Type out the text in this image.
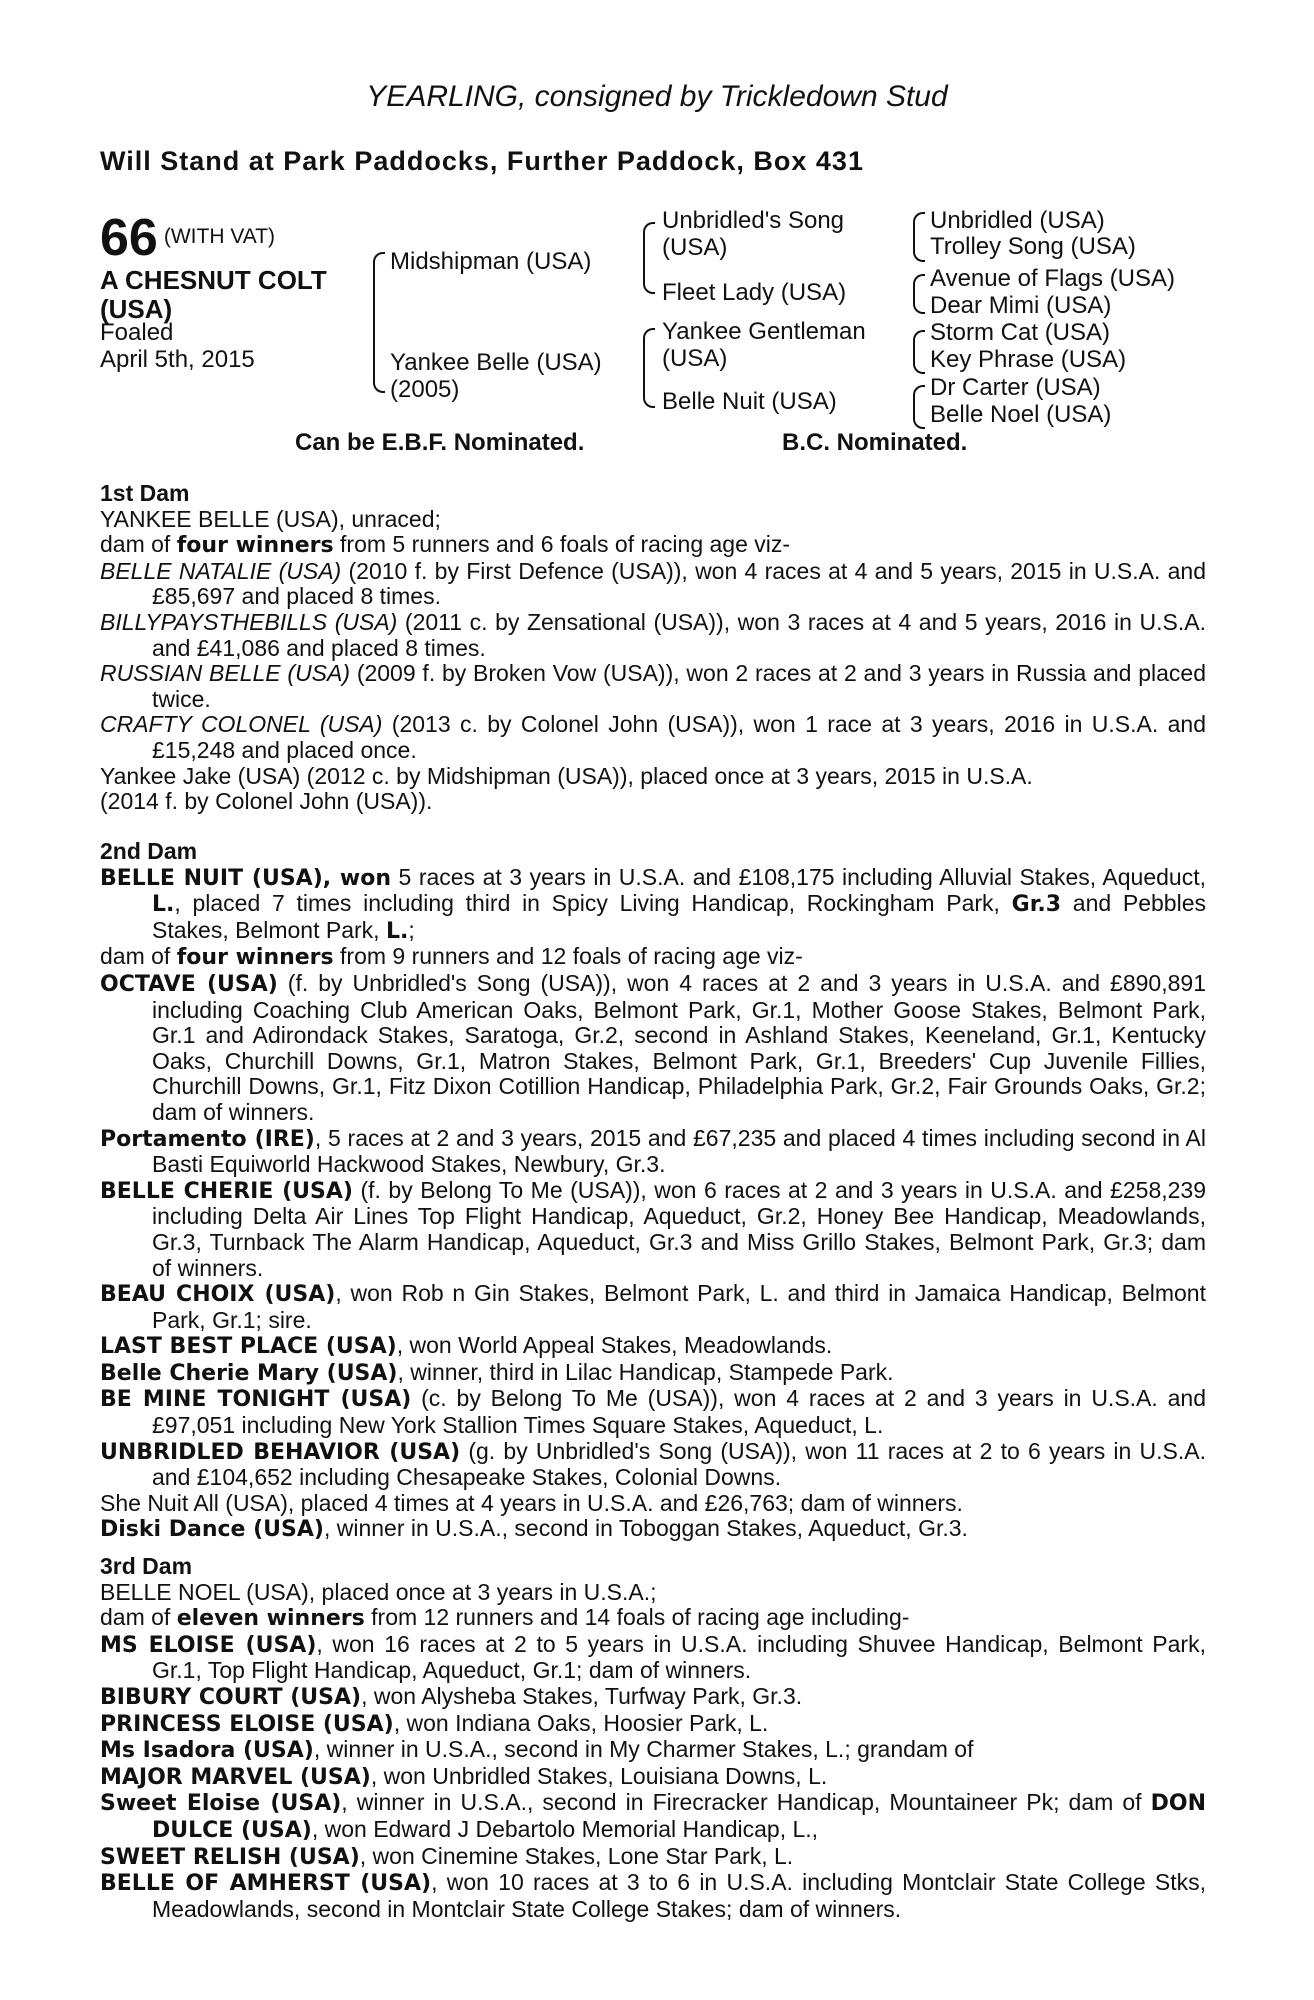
YEARLING, consigned by Trickledown Stud
Will Stand at Park Paddocks, Further Paddock, Box 431
66 (WITH VAT)
A CHESNUT COLT
(USA)
Foaled
April 5th, 2015
Midshipman (USA)
Yankee Belle (USA)
(2005)
Unbridled's Song
(USA)
Fleet Lady (USA)
Yankee Gentleman
(USA)
Belle Nuit (USA)
Unbridled (USA)
Trolley Song (USA)
Avenue of Flags (USA)
Dear Mimi (USA)
Storm Cat (USA)
Key Phrase (USA)
Dr Carter (USA)
Belle Noel (USA)
Can be E.B.F. Nominated.	B.C. Nominated.

1st Dam

YANKEE BELLE (USA), unraced;

dam of four winners from 5 runners and 6 foals of racing age viz-

BELLE NATALIE (USA) (2010 f. by First Defence (USA)), won 4 races at 4 and 5 years, 2015 in U.S.A. and £85,697 and placed 8 times.

BILLYPAYSTHEBILLS (USA) (2011 c. by Zensational (USA)), won 3 races at 4 and 5 years, 2016 in U.S.A. and £41,086 and placed 8 times.

RUSSIAN BELLE (USA) (2009 f. by Broken Vow (USA)), won 2 races at 2 and 3 years in Russia and placed twice.

CRAFTY COLONEL (USA) (2013 c. by Colonel John (USA)), won 1 race at 3 years, 2016 in U.S.A. and £15,248 and placed once.

Yankee Jake (USA) (2012 c. by Midshipman (USA)), placed once at 3 years, 2015 in U.S.A.

(2014 f. by Colonel John (USA)).

2nd Dam

BELLE NUIT (USA), won 5 races at 3 years in U.S.A. and £108,175 including Alluvial Stakes, Aqueduct, L., placed 7 times including third in Spicy Living Handicap, Rockingham Park, Gr.3 and Pebbles Stakes, Belmont Park, L.;

dam of four winners from 9 runners and 12 foals of racing age viz-

OCTAVE (USA) (f. by Unbridled's Song (USA)), won 4 races at 2 and 3 years in U.S.A. and £890,891 including Coaching Club American Oaks, Belmont Park, Gr.1, Mother Goose Stakes, Belmont Park, Gr.1 and Adirondack Stakes, Saratoga, Gr.2, second in Ashland Stakes, Keeneland, Gr.1, Kentucky Oaks, Churchill Downs, Gr.1, Matron Stakes, Belmont Park, Gr.1, Breeders' Cup Juvenile Fillies, Churchill Downs, Gr.1, Fitz Dixon Cotillion Handicap, Philadelphia Park, Gr.2, Fair Grounds Oaks, Gr.2; dam of winners.

Portamento (IRE), 5 races at 2 and 3 years, 2015 and £67,235 and placed 4 times including second in Al Basti Equiworld Hackwood Stakes, Newbury, Gr.3.

BELLE CHERIE (USA) (f. by Belong To Me (USA)), won 6 races at 2 and 3 years in U.S.A. and £258,239 including Delta Air Lines Top Flight Handicap, Aqueduct, Gr.2, Honey Bee Handicap, Meadowlands, Gr.3, Turnback The Alarm Handicap, Aqueduct, Gr.3 and Miss Grillo Stakes, Belmont Park, Gr.3; dam of winners.

BEAU CHOIX (USA), won Rob n Gin Stakes, Belmont Park, L. and third in Jamaica Handicap, Belmont Park, Gr.1; sire.

LAST BEST PLACE (USA), won World Appeal Stakes, Meadowlands.

Belle Cherie Mary (USA), winner, third in Lilac Handicap, Stampede Park.

BE MINE TONIGHT (USA) (c. by Belong To Me (USA)), won 4 races at 2 and 3 years in U.S.A. and £97,051 including New York Stallion Times Square Stakes, Aqueduct, L.

UNBRIDLED BEHAVIOR (USA) (g. by Unbridled's Song (USA)), won 11 races at 2 to 6 years in U.S.A. and £104,652 including Chesapeake Stakes, Colonial Downs.

She Nuit All (USA), placed 4 times at 4 years in U.S.A. and £26,763; dam of winners.

Diski Dance (USA), winner in U.S.A., second in Toboggan Stakes, Aqueduct, Gr.3.

3rd Dam

BELLE NOEL (USA), placed once at 3 years in U.S.A.;

dam of eleven winners from 12 runners and 14 foals of racing age including-

MS ELOISE (USA), won 16 races at 2 to 5 years in U.S.A. including Shuvee Handicap, Belmont Park, Gr.1, Top Flight Handicap, Aqueduct, Gr.1; dam of winners.

BIBURY COURT (USA), won Alysheba Stakes, Turfway Park, Gr.3.

PRINCESS ELOISE (USA), won Indiana Oaks, Hoosier Park, L.

Ms Isadora (USA), winner in U.S.A., second in My Charmer Stakes, L.; grandam of

MAJOR MARVEL (USA), won Unbridled Stakes, Louisiana Downs, L.

Sweet Eloise (USA), winner in U.S.A., second in Firecracker Handicap, Mountaineer Pk; dam of DON DULCE (USA), won Edward J Debartolo Memorial Handicap, L.,

SWEET RELISH (USA), won Cinemine Stakes, Lone Star Park, L.

BELLE OF AMHERST (USA), won 10 races at 3 to 6 in U.S.A. including Montclair State College Stks, Meadowlands, second in Montclair State College Stakes; dam of winners.
